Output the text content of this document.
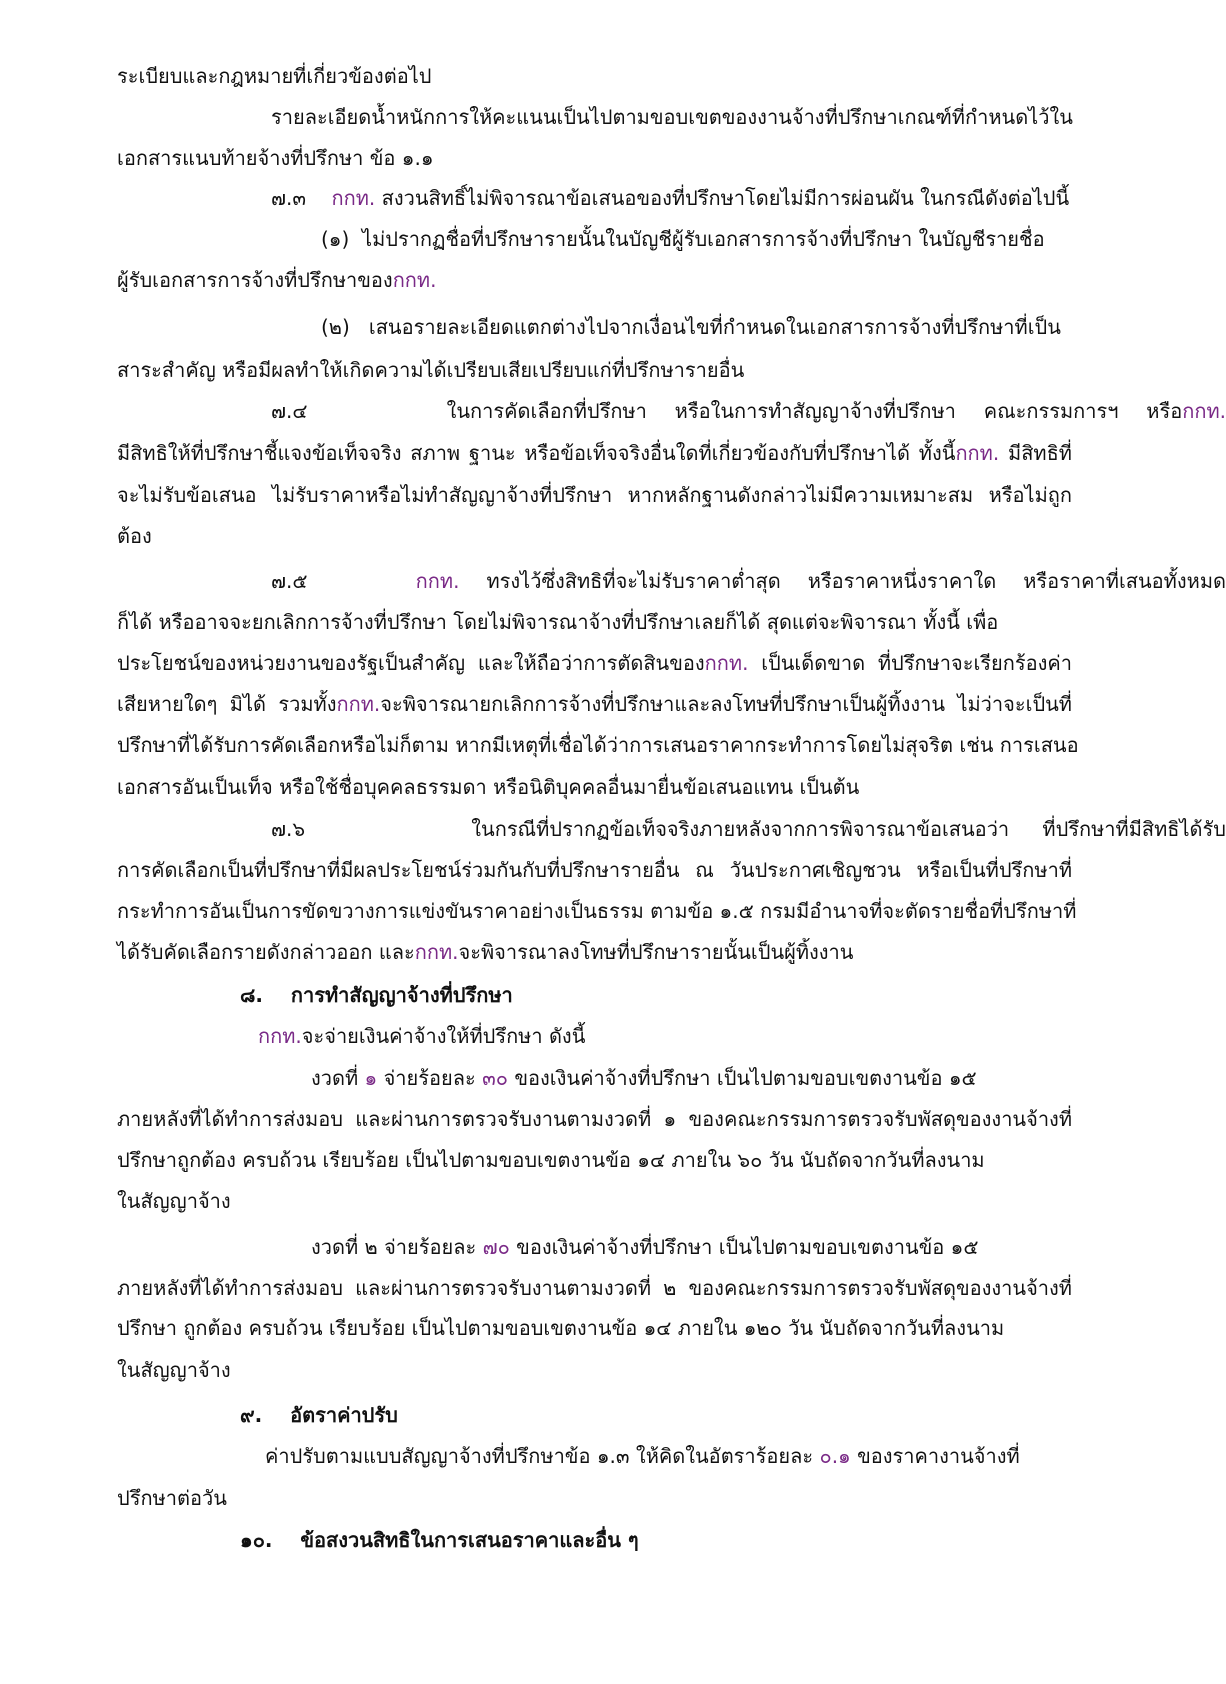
ระเบียบและกฎหมายที่เกี่ยวข้องต่อไป
รายละเอียดน้ำหนักการให้คะแนนเป็นไปตามขอบเขตของงานจ้างที่ปรึกษาเกณฑ์ที่กำหนดไว้ใน
เอกสารแนบท้ายจ้างที่ปรึกษา ข้อ ๑.๑
๗.๓    กกท. สงวนสิทธิ์ไม่พิจารณาข้อเสนอของที่ปรึกษาโดยไม่มีการผ่อนผัน ในกรณีดังต่อไปนี้
(๑)  ไม่ปรากฏชื่อที่ปรึกษารายนั้นในบัญชีผู้รับเอกสารการจ้างที่ปรึกษา ในบัญชีรายชื่อ
ผู้รับเอกสารการจ้างที่ปรึกษาของกกท.
(๒)   เสนอรายละเอียดแตกต่างไปจากเงื่อนไขที่กำหนดในเอกสารการจ้างที่ปรึกษาที่เป็น
สาระสำคัญ หรือมีผลทำให้เกิดความได้เปรียบเสียเปรียบแก่ที่ปรึกษารายอื่น
๗.๔     ในการคัดเลือกที่ปรึกษา หรือในการทำสัญญาจ้างที่ปรึกษา คณะกรรมการฯ หรือกกท.
มีสิทธิให้ที่ปรึกษาชี้แจงข้อเท็จจริง สภาพ ฐานะ หรือข้อเท็จจริงอื่นใดที่เกี่ยวข้องกับที่ปรึกษาได้ ทั้งนี้กกท. มีสิทธิที่
จะไม่รับข้อเสนอ ไม่รับราคาหรือไม่ทำสัญญาจ้างที่ปรึกษา หากหลักฐานดังกล่าวไม่มีความเหมาะสม หรือไม่ถูก
ต้อง
๗.๕    กกท. ทรงไว้ซึ่งสิทธิที่จะไม่รับราคาต่ำสุด หรือราคาหนึ่งราคาใด หรือราคาที่เสนอทั้งหมด
ก็ได้ หรืออาจจะยกเลิกการจ้างที่ปรึกษา โดยไม่พิจารณาจ้างที่ปรึกษาเลยก็ได้ สุดแต่จะพิจารณา ทั้งนี้ เพื่อ
ประโยชน์ของหน่วยงานของรัฐเป็นสำคัญ และให้ถือว่าการตัดสินของกกท. เป็นเด็ดขาด ที่ปรึกษาจะเรียกร้องค่า
เสียหายใดๆ มิได้ รวมทั้งกกท.จะพิจารณายกเลิกการจ้างที่ปรึกษาและลงโทษที่ปรึกษาเป็นผู้ทิ้งงาน ไม่ว่าจะเป็นที่
ปรึกษาที่ได้รับการคัดเลือกหรือไม่ก็ตาม หากมีเหตุที่เชื่อได้ว่าการเสนอราคากระทำการโดยไม่สุจริต เช่น การเสนอ
เอกสารอันเป็นเท็จ หรือใช้ชื่อบุคคลธรรมดา หรือนิติบุคคลอื่นมายื่นข้อเสนอแทน เป็นต้น
๗.๖     ในกรณีที่ปรากฏข้อเท็จจริงภายหลังจากการพิจารณาข้อเสนอว่า ที่ปรึกษาที่มีสิทธิได้รับ
การคัดเลือกเป็นที่ปรึกษาที่มีผลประโยชน์ร่วมกันกับที่ปรึกษารายอื่น ณ วันประกาศเชิญชวน หรือเป็นที่ปรึกษาที่
กระทำการอันเป็นการขัดขวางการแข่งขันราคาอย่างเป็นธรรม ตามข้อ ๑.๕ กรมมีอำนาจที่จะตัดรายชื่อที่ปรึกษาที่
ได้รับคัดเลือกรายดังกล่าวออก และกกท.จะพิจารณาลงโทษที่ปรึกษารายนั้นเป็นผู้ทิ้งงาน
๘.    การทำสัญญาจ้างที่ปรึกษา
กกท.จะจ่ายเงินค่าจ้างให้ที่ปรึกษา ดังนี้
งวดที่ ๑ จ่ายร้อยละ ๓๐ ของเงินค่าจ้างที่ปรึกษา เป็นไปตามขอบเขตงานข้อ ๑๕
ภายหลังที่ได้ทำการส่งมอบ และผ่านการตรวจรับงานตามงวดที่ ๑ ของคณะกรรมการตรวจรับพัสดุของงานจ้างที่
ปรึกษาถูกต้อง ครบถ้วน เรียบร้อย เป็นไปตามขอบเขตงานข้อ ๑๔ ภายใน ๖๐ วัน นับถัดจากวันที่ลงนาม
ในสัญญาจ้าง
งวดที่ ๒ จ่ายร้อยละ ๗๐ ของเงินค่าจ้างที่ปรึกษา เป็นไปตามขอบเขตงานข้อ ๑๕
ภายหลังที่ได้ทำการส่งมอบ และผ่านการตรวจรับงานตามงวดที่ ๒ ของคณะกรรมการตรวจรับพัสดุของงานจ้างที่
ปรึกษา ถูกต้อง ครบถ้วน เรียบร้อย เป็นไปตามขอบเขตงานข้อ ๑๔ ภายใน ๑๒๐ วัน นับถัดจากวันที่ลงนาม
ในสัญญาจ้าง
๙.    อัตราค่าปรับ
ค่าปรับตามแบบสัญญาจ้างที่ปรึกษาข้อ ๑.๓ ให้คิดในอัตราร้อยละ ๐.๑ ของราคางานจ้างที่
ปรึกษาต่อวัน
๑๐.    ข้อสงวนสิทธิในการเสนอราคาและอื่น ๆ
